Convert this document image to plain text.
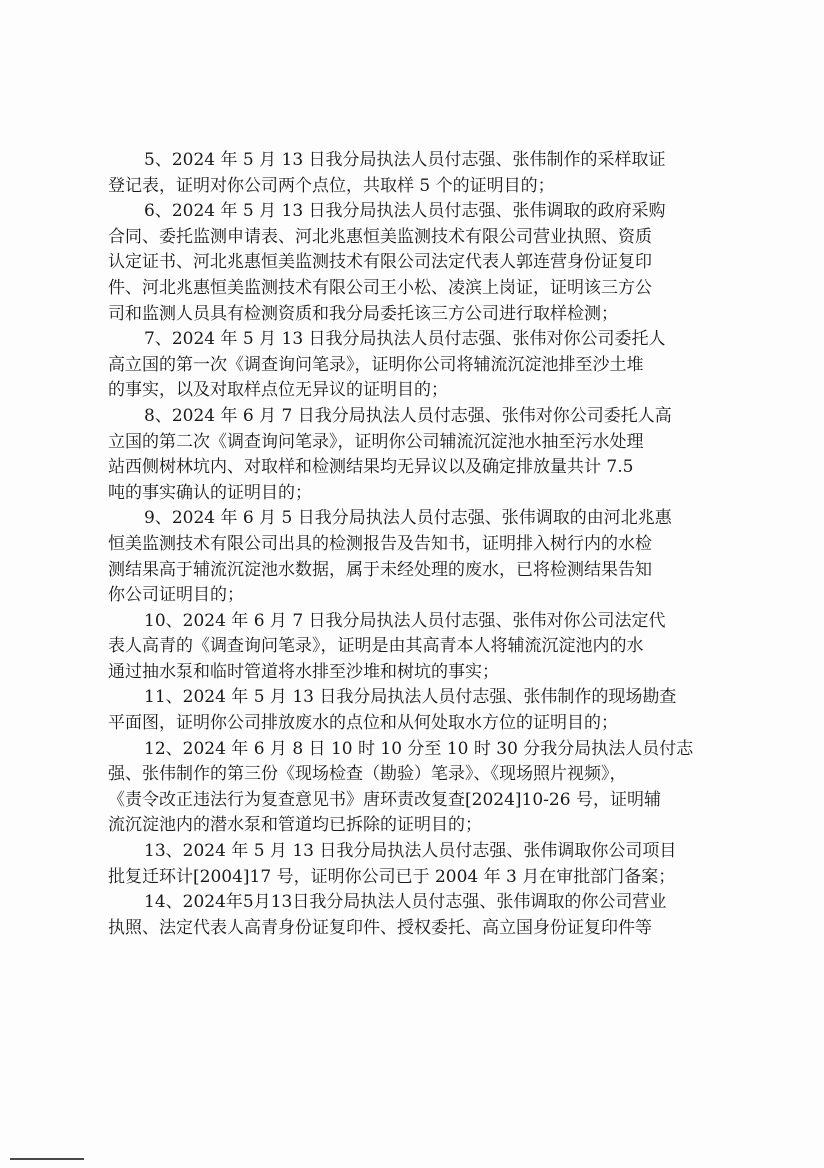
5、2024 年 5 月 13 日我分局执法人员付志强、张伟制作的采样取证
登记表，证明对你公司两个点位，共取样 5 个的证明目的；
6、2024 年 5 月 13 日我分局执法人员付志强、张伟调取的政府采购
合同、委托监测申请表、河北兆惠恒美监测技术有限公司营业执照、资质
认定证书、河北兆惠恒美监测技术有限公司法定代表人郭连营身份证复印
件、河北兆惠恒美监测技术有限公司王小松、凌滨上岗证，证明该三方公
司和监测人员具有检测资质和我分局委托该三方公司进行取样检测；
7、2024 年 5 月 13 日我分局执法人员付志强、张伟对你公司委托人
高立国的第一次《调查询问笔录》，证明你公司将辅流沉淀池排至沙土堆
的事实，以及对取样点位无异议的证明目的；
8、2024 年 6 月 7 日我分局执法人员付志强、张伟对你公司委托人高
立国的第二次《调查询问笔录》，证明你公司辅流沉淀池水抽至污水处理
站西侧树林坑内、对取样和检测结果均无异议以及确定排放量共计 7.5
吨的事实确认的证明目的；
9、2024 年 6 月 5 日我分局执法人员付志强、张伟调取的由河北兆惠
恒美监测技术有限公司出具的检测报告及告知书，证明排入树行内的水检
测结果高于辅流沉淀池水数据，属于未经处理的废水，已将检测结果告知
你公司证明目的；
10、2024 年 6 月 7 日我分局执法人员付志强、张伟对你公司法定代
表人高青的《调查询问笔录》，证明是由其高青本人将辅流沉淀池内的水
通过抽水泵和临时管道将水排至沙堆和树坑的事实；
11、2024 年 5 月 13 日我分局执法人员付志强、张伟制作的现场勘查
平面图，证明你公司排放废水的点位和从何处取水方位的证明目的；
12、2024 年 6 月 8 日 10 时 10 分至 10 时 30 分我分局执法人员付志
强、张伟制作的第三份《现场检查（勘验）笔录》、《现场照片视频》，
《责令改正违法行为复查意见书》唐环责改复查[2024]10-26 号，证明辅
流沉淀池内的潜水泵和管道均已拆除的证明目的；
13、2024 年 5 月 13 日我分局执法人员付志强、张伟调取你公司项目
批复迁环计[2004]17 号，证明你公司已于 2004 年 3 月在审批部门备案；
14、2024年5月13日我分局执法人员付志强、张伟调取的你公司营业
执照、法定代表人高青身份证复印件、授权委托、高立国身份证复印件等
